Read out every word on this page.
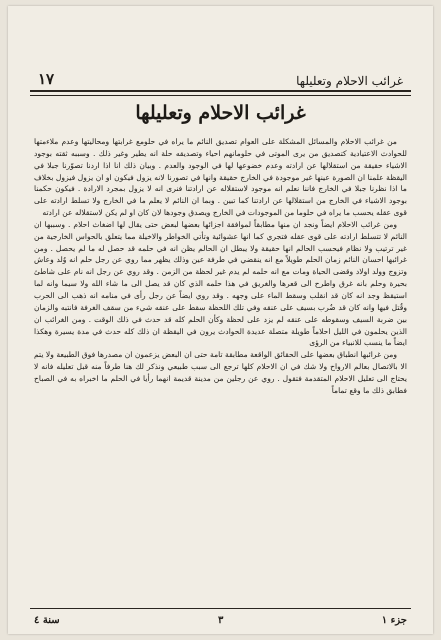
غرائب الاحلام وتعليلها
١٧
غرائب الاحلام وتعليلها

من غرائب الاحلام والمسائل المشكلة على العوام تصديق النائم ما يراه في حلومع غرابتها ومحاليتها وعدم ملاءمتها للحوادث الاعتيادية كتصديق من يرى الموتى في حلومانهم احياء وتصديقه حلة انه يطير وغير ذلك . وسببه ثقته بوجود الاشياء حقيقة من استقلالها عن ارادته وعدم خضوعها لها في الوجود والعدم . وبيان ذلك انا اذا اردنا تصوّرنا جبلا في اليقظة علمنا ان الصورة عينها غير موجودة في الخارج حقيقة وانها في تصورنا لانه يزول فيكون او ان يزول فيزول بخلاف ما اذا نظرنا جبلا في الخارج فاننا نعلم انه موجود لاستقلاله عن ارادتنا فنرى انه لا يزول بمجرد الارادة . فيكون حكمنا بوجود الاشياء في الخارج من استقلالها عن ارادتنا كما تبين . وبما ان النائم لا يعلم ما في الخارج ولا تسلط ارادته على قوى عقله يحسب ما يراه في حلوما من الموجودات في الخارج ويصدق وجودها لان كان او لم يكن لاستقلاله عن ارادته

ومن غرائب الاحلام ايضاً ونجد ان منها مطابقاً لموافقة اجزائها بعضها لبعض حتى يقال لها اضغاث احلام . وسببها ان النائم لا تتسلط ارادته على قوى عقله فتجري كما انها عشوائية وتأتي الخواطر والاخيلة مما يتعلق بالحواس الخارجية من غير ترتيب ولا نظام فيحسب الحالم انها حقيقة ولا يبطل ان الحالم يظن انه في حلمه قد حصل له ما لم يحصل . ومن غرائبها احسان النائم زمان الحلم طويلاً مع انه ينقضي في طرفة عين وذلك يظهر مما روي عن رجل حلم انه وُلد وعاش وتزوج وولد اولاد وقضى الحياة ومات مع انه حلمه لم يدم غير لحظة من الزمن . وقد روي عن رجل انه نام على شاطئ بحيرة وحلم بانه غرق واطرح الى قعرها والغريق في هذا حلمه الذي كان قد يصل الى ما شاء الله ولا سيما وانه لما استيقظ وجد انه كان قد انقلب وسقط الماء على وجهه . وقد روي ايضاً عن رجل رأى في منامه انه ذهب الى الحرب وقُتل فيها وانه كان قد ضُرب بسيف على عنقه وفي تلك اللحظة سقط على عنقه شيء من سقف الغرفة فانتبه والزمان بين ضربة السيف وسقوطه على عنقه لم يزد على لحظة وكأن الحلم كله قد حدث في ذلك الوقت . ومن الغرائب ان الذين يحلمون في الليل احلاماً طويلة متصلة عديدة الحوادث يرون في اليقظة ان ذلك كله حدث في مدة يسيرة وهكذا ايضاً ما ينسب للانبياء من الرؤى

ومن غرائبها انطباق بعضها على الحقائق الواقعة مطابقة تامة حتى ان البعض يزعمون ان مصدرها فوق الطبيعة ولا يتم الا بالاتصال بعالم الارواح ولا شك في ان الاحلام كلها ترجع الى سبب طبيعي ونذكر لك هنا طرفاً منه قبل تعليله فانه لا يحتاج الى تعليل الاحلام المتقدمة فتقول . روي عن رجلين من مدينة قديمة انهما رأيا في الحلم ما اخبراه به في الصباح فطابق ذلك ما وقع تماماً

جزء ١
٣
سنة ٤
